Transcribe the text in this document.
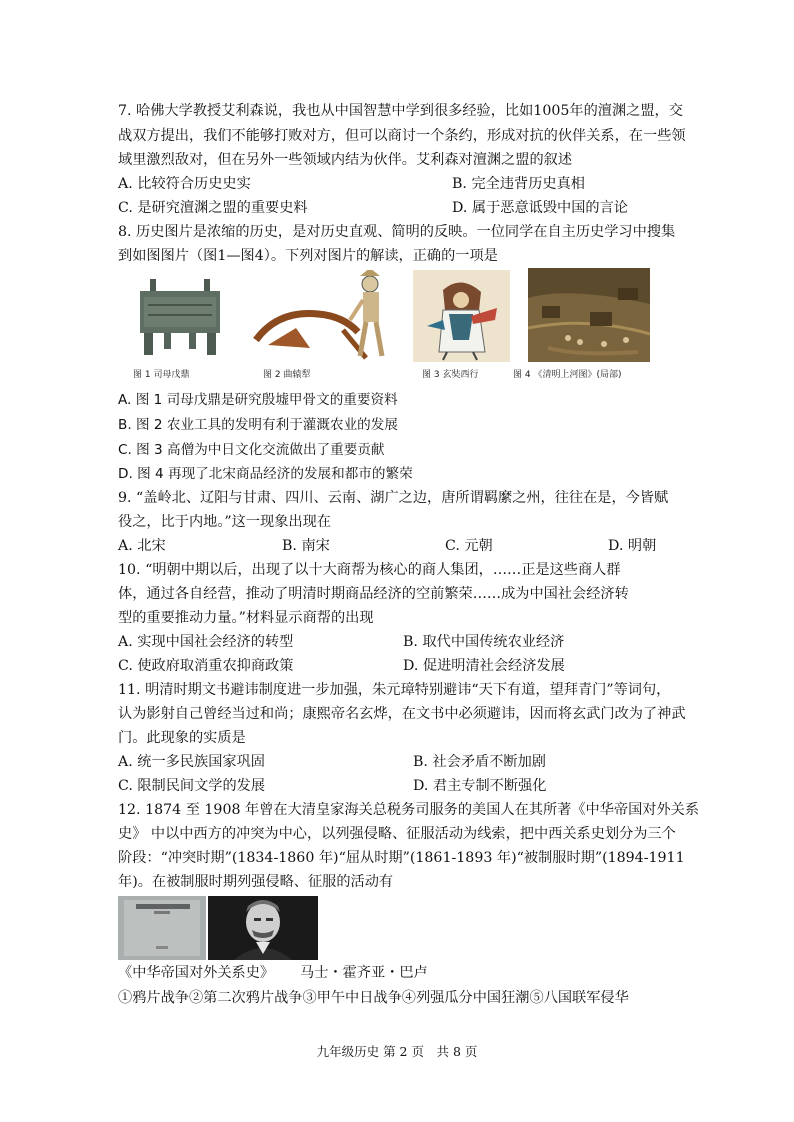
7. 哈佛大学教授艾利森说，我也从中国智慧中学到很多经验，比如1005年的澶渊之盟，交
战双方提出，我们不能够打败对方，但可以商讨一个条约，形成对抗的伙伴关系，在一些领
域里激烈敌对，但在另外一些领域内结为伙伴。艾利森对澶渊之盟的叙述
A. 比较符合历史史实	B. 完全违背历史真相
C. 是研究澶渊之盟的重要史料	D. 属于恶意诋毁中国的言论
8. 历史图片是浓缩的历史，是对历史直观、简明的反映。一位同学在自主历史学习中搜集
到如图图片（图1—图4）。下列对图片的解读，正确的一项是
图 1 司母戊鼎	图 2 曲辕犁	图 3 玄奘西行	图 4 《清明上河图》(局部)
A. 图 1 司母戊鼎是研究殷墟甲骨文的重要资料
B. 图 2 农业工具的发明有利于灌溉农业的发展
C. 图 3 高僧为中日文化交流做出了重要贡献
D. 图 4 再现了北宋商品经济的发展和都市的繁荣
9. “盖岭北、辽阳与甘肃、四川、云南、湖广之边，唐所谓羁縻之州，往往在是，今皆赋
役之，比于内地。”这一现象出现在
A. 北宋	B. 南宋	C. 元朝	D. 明朝
10. “明朝中期以后，出现了以十大商帮为核心的商人集团，……正是这些商人群
体，通过各自经营，推动了明清时期商品经济的空前繁荣……成为中国社会经济转
型的重要推动力量。”材料显示商帮的出现
A. 实现中国社会经济的转型	B. 取代中国传统农业经济
C. 使政府取消重农抑商政策	D. 促进明清社会经济发展
11. 明清时期文书避讳制度进一步加强，朱元璋特别避讳“天下有道，望拜青门”等词句，
认为影射自己曾经当过和尚；康熙帝名玄烨，在文书中必须避讳，因而将玄武门改为了神武
门。此现象的实质是
A. 统一多民族国家巩固	B. 社会矛盾不断加剧
C. 限制民间文学的发展	D. 君主专制不断强化
12. 1874 至 1908 年曾在大清皇家海关总税务司服务的美国人在其所著《中华帝国对外关系
史》 中以中西方的冲突为中心，以列强侵略、征服活动为线索，把中西关系史划分为三个
阶段：“冲突时期”(1834-1860 年)“屈从时期”(1861-1893 年)“被制服时期”(1894-1911
年)。在被制服时期列强侵略、征服的活动有
《中华帝国对外关系史》 马士・霍齐亚・巴卢
①鸦片战争②第二次鸦片战争③甲午中日战争④列强瓜分中国狂潮⑤八国联军侵华
九年级历史 第 2 页　共 8 页
